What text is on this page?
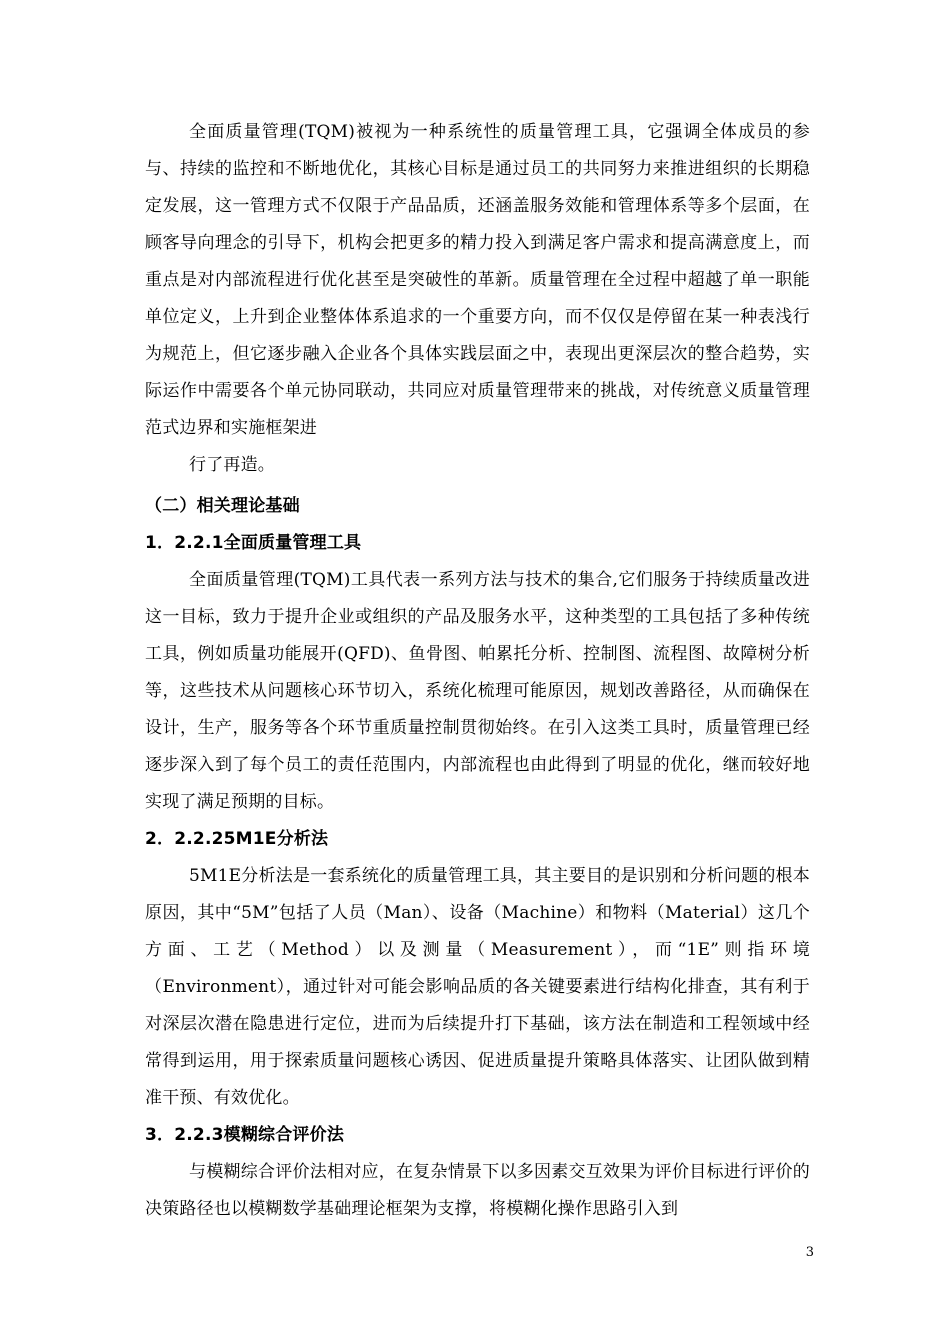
全面质量管理(TQM)被视为一种系统性的质量管理工具，它强调全体成员的参与、持续的监控和不断地优化，其核心目标是通过员工的共同努力来推进组织的长期稳定发展，这一管理方式不仅限于产品品质，还涵盖服务效能和管理体系等多个层面，在顾客导向理念的引导下，机构会把更多的精力投入到满足客户需求和提高满意度上，而重点是对内部流程进行优化甚至是突破性的革新。质量管理在全过程中超越了单一职能单位定义，上升到企业整体体系追求的一个重要方向，而不仅仅是停留在某一种表浅行为规范上，但它逐步融入企业各个具体实践层面之中，表现出更深层次的整合趋势，实际运作中需要各个单元协同联动，共同应对质量管理带来的挑战，对传统意义质量管理范式边界和实施框架进

行了再造。

（二）相关理论基础

1．2.2.1全面质量管理工具

全面质量管理(TQM)工具代表一系列方法与技术的集合,它们服务于持续质量改进这一目标，致力于提升企业或组织的产品及服务水平，这种类型的工具包括了多种传统工具，例如质量功能展开(QFD)、鱼骨图、帕累托分析、控制图、流程图、故障树分析等，这些技术从问题核心环节切入，系统化梳理可能原因，规划改善路径，从而确保在设计，生产，服务等各个环节重质量控制贯彻始终。在引入这类工具时，质量管理已经逐步深入到了每个员工的责任范围内，内部流程也由此得到了明显的优化，继而较好地实现了满足预期的目标。

2．2.2.25M1E分析法

5M1E分析法是一套系统化的质量管理工具，其主要目的是识别和分析问题的根本原因，其中“5M”包括了人员（Man）、设备（Machine）和物料（Material）这几个方面、工艺（Method）以及测量（Measurement），而“1E”则指环境（Environment），通过针对可能会影响品质的各关键要素进行结构化排查，其有利于对深层次潜在隐患进行定位，进而为后续提升打下基础，该方法在制造和工程领域中经常得到运用，用于探索质量问题核心诱因、促进质量提升策略具体落实、让团队做到精准干预、有效优化。

3．2.2.3模糊综合评价法

与模糊综合评价法相对应，在复杂情景下以多因素交互效果为评价目标进行评价的决策路径也以模糊数学基础理论框架为支撑，将模糊化操作思路引入到

3
